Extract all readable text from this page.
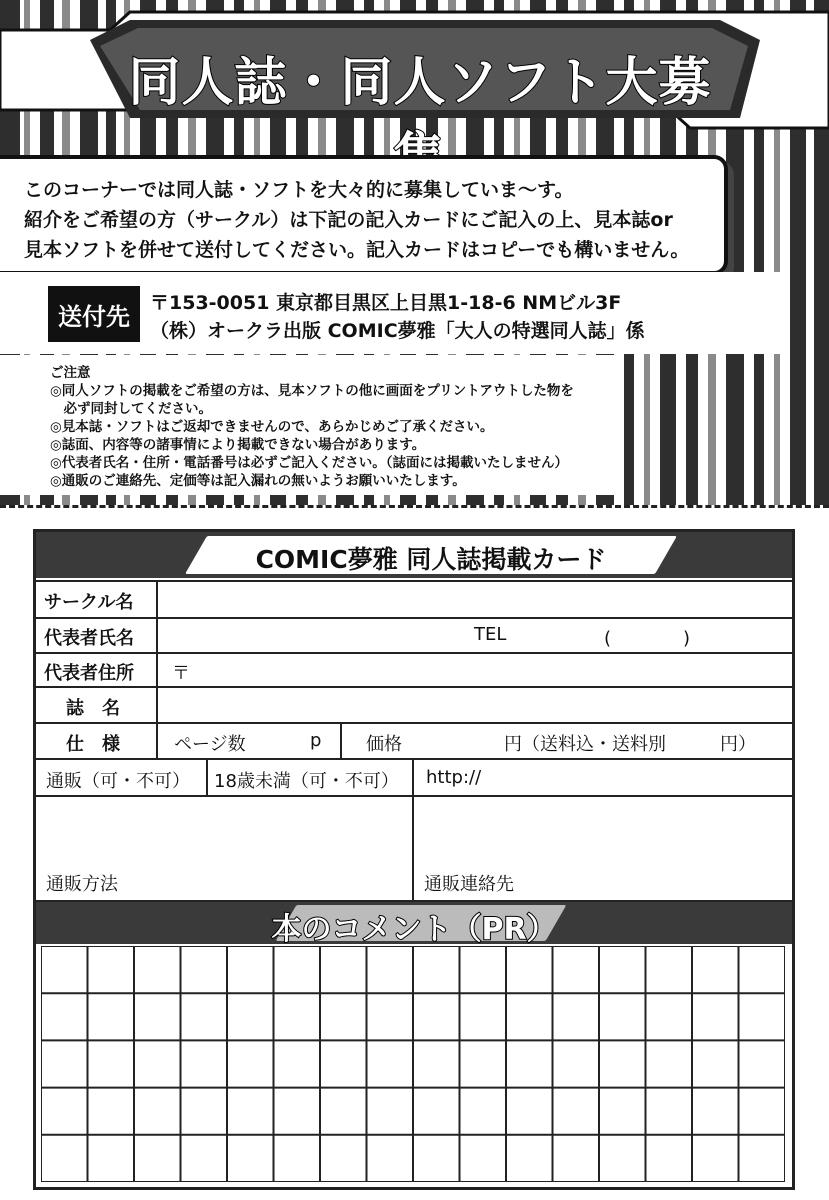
同人誌・同人ソフト大募

このコーナーでは同人誌・ソフトを大々的に募集していま～す。

紹介をご希望の方（サークル）は下記の記入カードにご記入の上、見本誌or

見本ソフトを併せて送付してください。記入カードはコピーでも構いません。

送付先	〒153-0051 東京都目黒区上目黒1-18-6 NMビル3F
（株）オークラ出版 COMIC夢雅「大人の特選同人誌」係
ご注意
◎同人ソフトの掲載をご希望の方は、見本ソフトの他に画面をプリントアウトした物を
　必ず同封してください。
◎見本誌・ソフトはご返却できませんので、あらかじめご了承ください。
◎誌面、内容等の諸事情により掲載できない場合があります。
◎代表者氏名・住所・電話番号は必ずご記入ください。（誌面には掲載いたしません）
◎通販のご連絡先、定価等は記入漏れの無いようお願いいたします。
COMIC夢雅 同人誌掲載カード
サークル名
代表者氏名	TEL	(　　　　)
代表者住所 〒
誌　名
仕　様	ページ数	p 価格	円（送料込・送料別　　　円）
通販（可・不可） 18歳未満（可・不可） http://
通販方法	通販連絡先
本のコメント（PR）
